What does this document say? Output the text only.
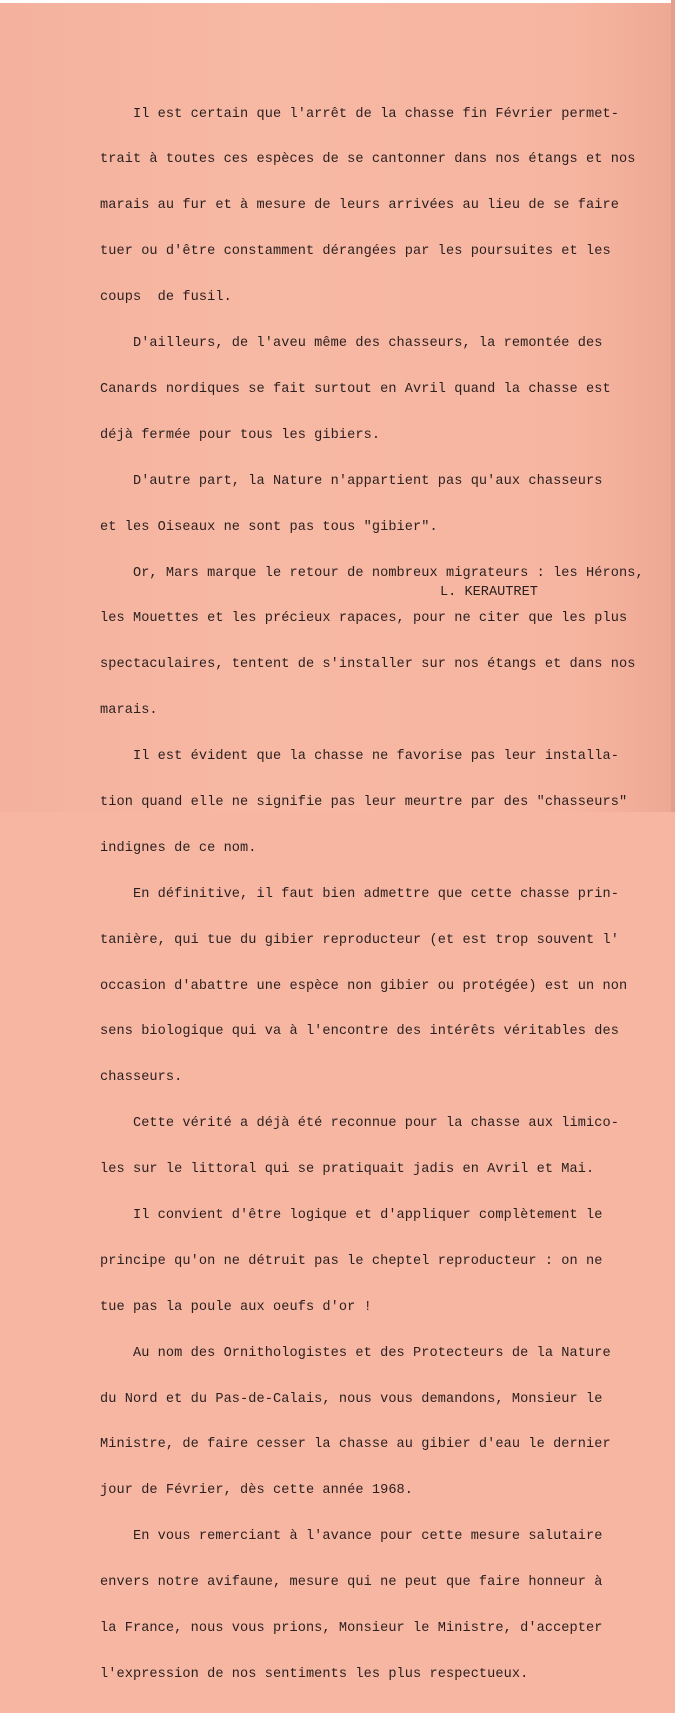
Il est certain que l'arrêt de la chasse fin Février permet-

trait à toutes ces espèces de se cantonner dans nos étangs et nos

marais au fur et à mesure de leurs arrivées au lieu de se faire

tuer ou d'être constamment dérangées par les poursuites et les

coups  de fusil.

D'ailleurs, de l'aveu même des chasseurs, la remontée des

Canards nordiques se fait surtout en Avril quand la chasse est

déjà fermée pour tous les gibiers.

D'autre part, la Nature n'appartient pas qu'aux chasseurs

et les Oiseaux ne sont pas tous "gibier".

Or, Mars marque le retour de nombreux migrateurs : les Hérons,

les Mouettes et les précieux rapaces, pour ne citer que les plus

spectaculaires, tentent de s'installer sur nos étangs et dans nos

marais.

Il est évident que la chasse ne favorise pas leur installa-

tion quand elle ne signifie pas leur meurtre par des "chasseurs"

indignes de ce nom.

En définitive, il faut bien admettre que cette chasse prin-

tanière, qui tue du gibier reproducteur (et est trop souvent l'

occasion d'abattre une espèce non gibier ou protégée) est un non

sens biologique qui va à l'encontre des intérêts véritables des

chasseurs.

Cette vérité a déjà été reconnue pour la chasse aux limico-

les sur le littoral qui se pratiquait jadis en Avril et Mai.

Il convient d'être logique et d'appliquer complètement le

principe qu'on ne détruit pas le cheptel reproducteur : on ne

tue pas la poule aux oeufs d'or !

Au nom des Ornithologistes et des Protecteurs de la Nature

du Nord et du Pas-de-Calais, nous vous demandons, Monsieur le

Ministre, de faire cesser la chasse au gibier d'eau le dernier

jour de Février, dès cette année 1968.

En vous remerciant à l'avance pour cette mesure salutaire

envers notre avifaune, mesure qui ne peut que faire honneur à

la France, nous vous prions, Monsieur le Ministre, d'accepter

l'expression de nos sentiments les plus respectueux.

L. KERAUTRET
